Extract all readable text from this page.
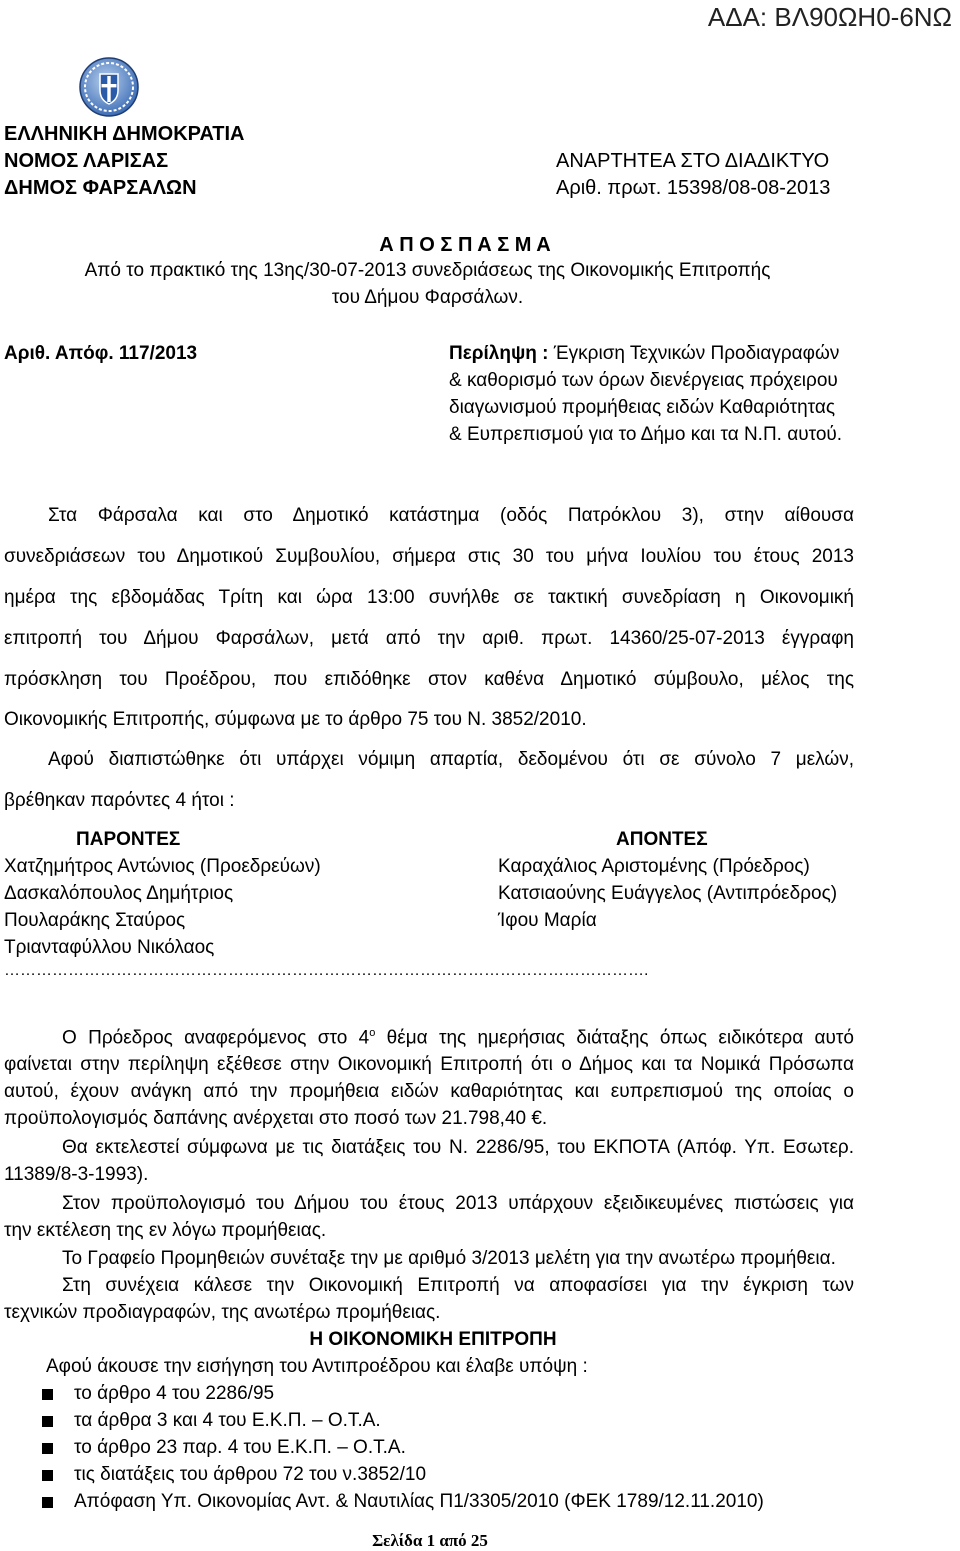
ΑΔΑ: ΒΛ90ΩΗ0-6ΝΩ
ΕΛΛΗΝΙΚΗ ΔΗΜΟΚΡΑΤΙΑ
ΝΟΜΟΣ ΛΑΡΙΣΑΣ
ΔΗΜΟΣ ΦΑΡΣΑΛΩΝ
ΑΝΑΡΤΗΤΕΑ ΣΤΟ ΔΙΑΔΙΚΤΥΟ
Αριθ. πρωτ. 15398/08-08-2013
Α Π Ο Σ Π Α Σ Μ Α
Από το πρακτικό της 13ης/30-07-2013 συνεδριάσεως της Οικονομικής Επιτροπής
του Δήμου Φαρσάλων.
Αριθ. Απόφ. 117/2013	Περίληψη : Έγκριση Τεχνικών Προδιαγραφών
& καθορισμό των όρων διενέργειας πρόχειρου
διαγωνισμού προμήθειας ειδών Καθαριότητας
& Ευπρεπισμού για το Δήμο και τα Ν.Π. αυτού.
Στα Φάρσαλα και στο Δημοτικό κατάστημα (οδός Πατρόκλου 3), στην αίθουσα
συνεδριάσεων του Δημοτικού Συμβουλίου, σήμερα στις 30 του μήνα Ιουλίου του έτους 2013
ημέρα της εβδομάδας Τρίτη και ώρα 13:00 συνήλθε σε τακτική συνεδρίαση η Οικονομική
επιτροπή του Δήμου Φαρσάλων, μετά από την αριθ. πρωτ. 14360/25-07-2013 έγγραφη
πρόσκληση του Προέδρου, που επιδόθηκε στον καθένα Δημοτικό σύμβουλο, μέλος της
Οικονομικής Επιτροπής, σύμφωνα με το άρθρο 75 του Ν. 3852/2010.
Αφού διαπιστώθηκε ότι υπάρχει νόμιμη απαρτία, δεδομένου ότι σε σύνολο 7 μελών,
βρέθηκαν παρόντες 4 ήτοι :
ΠΑΡΟΝΤΕΣ	ΑΠΟΝΤΕΣ
Χατζημήτρος Αντώνιος (Προεδρεύων)
Δασκαλόπουλος Δημήτριος
Πουλαράκης Σταύρος
Τριανταφύλλου Νικόλαος
Καραχάλιος Αριστομένης (Πρόεδρος)
Κατσιαούνης Ευάγγελος (Αντιπρόεδρος)
Ίφου Μαρία
………………………………………………………………………………………………………….
Ο Πρόεδρος αναφερόμενος στο $4^o$ θέμα της ημερήσιας διάταξης όπως ειδικότερα αυτό
φαίνεται στην περίληψη εξέθεσε στην Οικονομική Επιτροπή ότι ο Δήμος και τα Νομικά Πρόσωπα
αυτού, έχουν ανάγκη από την προμήθεια ειδών καθαριότητας και ευπρεπισμού της οποίας ο
προϋπολογισμός δαπάνης ανέρχεται στο ποσό των 21.798,40 €.
Θα εκτελεστεί σύμφωνα με τις διατάξεις του Ν. 2286/95, του ΕΚΠΟΤΑ (Απόφ. Υπ. Εσωτερ.
11389/8-3-1993).
Στον προϋπολογισμό του Δήμου του έτους 2013 υπάρχουν εξειδικευμένες πιστώσεις για
την εκτέλεση της εν λόγω προμήθειας.
Το Γραφείο Προμηθειών συνέταξε την με αριθμό 3/2013 μελέτη για την ανωτέρω προμήθεια.
Στη συνέχεια κάλεσε την Οικονομική Επιτροπή να αποφασίσει για την έγκριση των
τεχνικών προδιαγραφών, της ανωτέρω προμήθειας.
Η ΟΙΚΟΝΟΜΙΚΗ ΕΠΙΤΡΟΠΗ
Αφού άκουσε την εισήγηση του Αντιπροέδρου και έλαβε υπόψη :
το άρθρο 4 του 2286/95
τα άρθρα 3 και 4 του Ε.Κ.Π. – Ο.Τ.Α.
το άρθρο 23 παρ. 4 του Ε.Κ.Π. – Ο.Τ.Α.
τις διατάξεις του άρθρου 72 του ν.3852/10
Απόφαση Υπ. Οικονομίας Αντ. & Ναυτιλίας Π1/3305/2010 (ΦΕΚ 1789/12.11.2010)
Σελίδα 1 από 25
